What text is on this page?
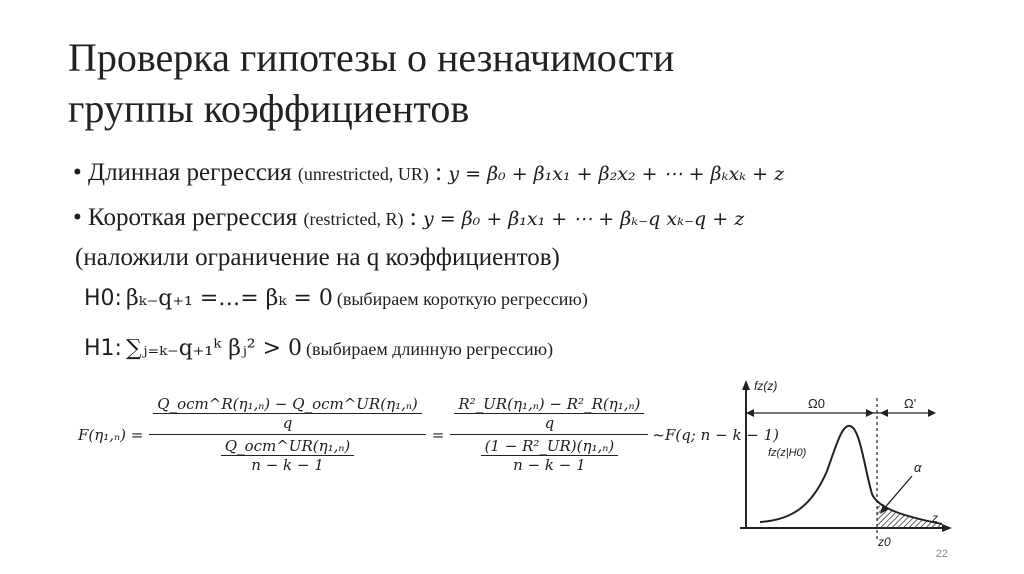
Проверка гипотезы о незначимости
группы коэффициентов
• Длинная регрессия (unrestricted, UR) : y = β₀ + β₁x₁ + β₂x₂ + ⋯ + βₖxₖ + z
• Короткая регрессия (restricted, R) : y = β₀ + β₁x₁ + ⋯ + βₖ₋q xₖ₋q + z
(наложили ограничение на q коэффициентов)
H0: βₖ₋q₊₁ =…= βₖ = 0 (выбираем короткую регрессию)
H1: ∑ⱼ₌ₖ₋q₊₁ᵏ βⱼ² > 0 (выбираем длинную регрессию)
$F(\eta_1,_n) = \frac{\frac{\text{Q\_ост\textasciicircum{}R(η₁,ₙ) − Q\_ост\textasciicircum{}UR(η₁,ₙ)}}{q}}{\frac{\text{Q\_ост\textasciicircum{}UR(η₁,ₙ)}}{n - k - 1}} = \frac{\frac{\text{R²\_UR(η₁,ₙ) − R²\_R(η₁,ₙ)}}{q}}{\frac{\text{(1 − R²\_UR)(η₁,ₙ)}}{n - k - 1}}$ ~F(q; n − k − 1)
fz(z)
Ω0	Ω'
fz(z|H0)
α
z
z0
22
